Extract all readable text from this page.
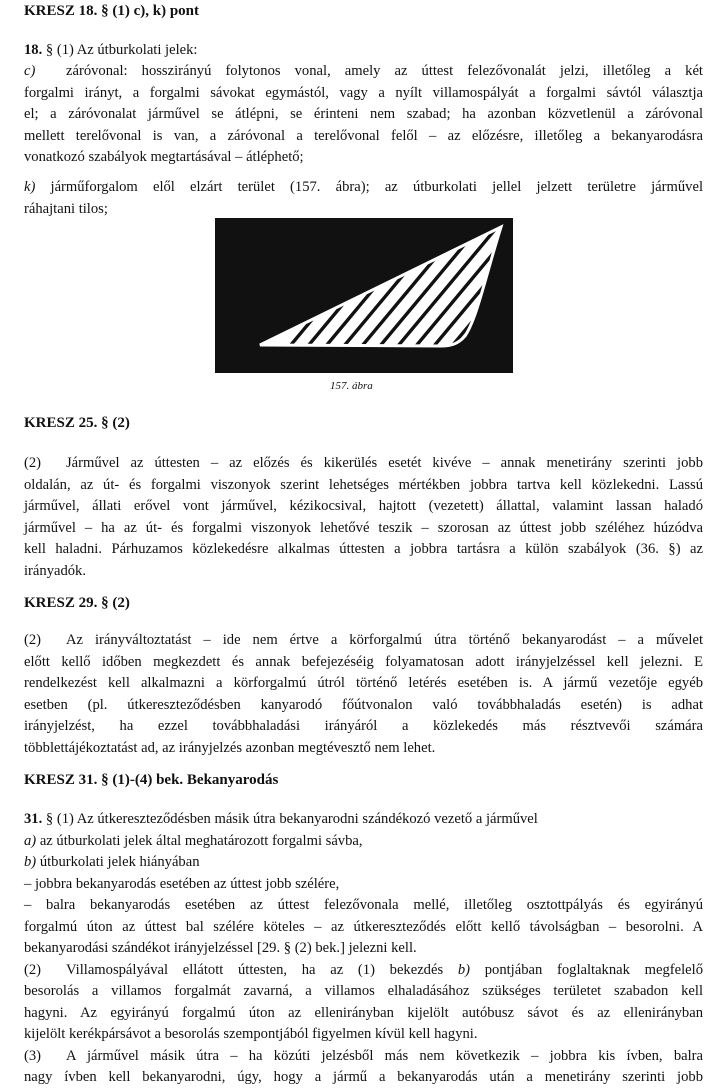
KRESZ 18. § (1) c), k) pont
18. § (1) Az útburkolati jelek:
c) záróvonal: hosszirányú folytonos vonal, amely az úttest felezővonalát jelzi, illetőleg a két
forgalmi irányt, a forgalmi sávokat egymástól, vagy a nyílt villamospályát a forgalmi sávtól választja
el; a záróvonalat járművel se átlépni, se érinteni nem szabad; ha azonban közvetlenül a záróvonal
mellett terelővonal is van, a záróvonal a terelővonal felől – az előzésre, illetőleg a bekanyarodásra
vonatkozó szabályok megtartásával – átléphető;
k) járműforgalom elől elzárt terület (157. ábra); az útburkolati jellel jelzett területre járművel
ráhajtani tilos;
157. ábra
KRESZ 25. § (2)
(2) Járművel az úttesten – az előzés és kikerülés esetét kivéve – annak menetirány szerinti jobb
oldalán, az út- és forgalmi viszonyok szerint lehetséges mértékben jobbra tartva kell közlekedni. Lassú
járművel, állati erővel vont járművel, kézikocsival, hajtott (vezetett) állattal, valamint lassan haladó
járművel – ha az út- és forgalmi viszonyok lehetővé teszik – szorosan az úttest jobb széléhez húzódva
kell haladni. Párhuzamos közlekedésre alkalmas úttesten a jobbra tartásra a külön szabályok (36. §) az
irányadók.
KRESZ 29. § (2)
(2) Az irányváltoztatást – ide nem értve a körforgalmú útra történő bekanyarodást – a művelet
előtt kellő időben megkezdett és annak befejezéséig folyamatosan adott irányjelzéssel kell jelezni. E
rendelkezést kell alkalmazni a körforgalmú útról történő letérés esetében is. A jármű vezetője egyéb
esetben (pl. útkereszteződésben kanyarodó főútvonalon való továbbhaladás esetén) is adhat
irányjelzést, ha ezzel továbbhaladási irányáról a közlekedés más résztvevői számára
többlettájékoztatást ad, az irányjelzés azonban megtévesztő nem lehet.
KRESZ 31. § (1)-(4) bek. Bekanyarodás
31. § (1) Az útkereszteződésben másik útra bekanyarodni szándékozó vezető a járművel
a) az útburkolati jelek által meghatározott forgalmi sávba,
b) útburkolati jelek hiányában
– jobbra bekanyarodás esetében az úttest jobb szélére,
– balra bekanyarodás esetében az úttest felezővonala mellé, illetőleg osztottpályás és egyirányú
forgalmú úton az úttest bal szélére köteles – az útkereszteződés előtt kellő távolságban – besorolni. A
bekanyarodási szándékot irányjelzéssel [29. § (2) bek.] jelezni kell.
(2) Villamospályával ellátott úttesten, ha az (1) bekezdés b) pontjában foglaltaknak megfelelő
besorolás a villamos forgalmát zavarná, a villamos elhaladásához szükséges területet szabadon kell
hagyni. Az egyirányú forgalmú úton az ellenirányban kijelölt autóbusz sávot és az ellenirányban
kijelölt kerékpársávot a besorolás szempontjából figyelmen kívül kell hagyni.
(3) A járművel másik útra – ha közúti jelzésből más nem következik – jobbra kis ívben, balra
nagy ívben kell bekanyarodni, úgy, hogy a jármű a bekanyarodás után a menetirány szerinti jobb
